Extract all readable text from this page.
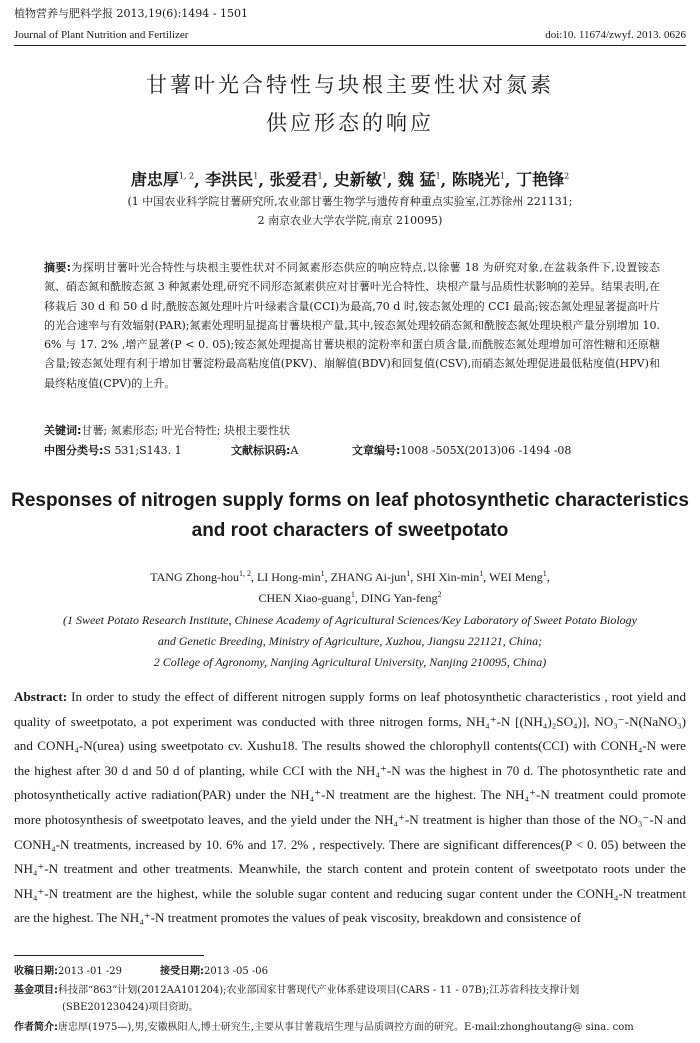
植物营养与肥料学报 2013,19(6):1494 - 1501
Journal of Plant Nutrition and Fertilizer	doi:10. 11674/zwyf. 2013. 0626
甘薯叶光合特性与块根主要性状对氮素
供应形态的响应
唐忠厚$^{1, 2}$, 李洪民$^1$, 张爱君$^1$, 史新敏$^1$, 魏 猛$^1$, 陈晓光$^1$, 丁艳锋$^2$
(1 中国农业科学院甘薯研究所,农业部甘薯生物学与遗传育种重点实验室,江苏徐州 221131;
2 南京农业大学农学院,南京 210095)
摘要:为探明甘薯叶光合特性与块根主要性状对不同氮素形态供应的响应特点,以徐薯 18 为研究对象,在盆栽条件下,设置铵态氮、硝态氮和酰胺态氮 3 种氮素处理,研究不同形态氮素供应对甘薯叶光合特性、块根产量与品质性状影响的差异。结果表明,在移栽后 30 d 和 50 d 时,酰胺态氮处理叶片叶绿素含量(CCI)为最高,70 d 时,铵态氮处理的 CCI 最高;铵态氮处理显著提高叶片的光合速率与有效辐射(PAR);氮素处理明显提高甘薯块根产量,其中,铵态氮处理较硝态氮和酰胺态氮处理块根产量分别增加 10. 6% 与 17. 2% ,增产显著(P < 0. 05);铵态氮处理提高甘薯块根的淀粉率和蛋白质含量,而酰胺态氮处理增加可溶性糖和还原糖含量;铵态氮处理有利于增加甘薯淀粉最高粘度值(PKV)、崩解值(BDV)和回复值(CSV),而硝态氮处理促进最低粘度值(HPV)和最终粘度值(CPV)的上升。
关键词:甘薯; 氮素形态; 叶光合特性; 块根主要性状
中图分类号:S 531;S143. 1	文献标识码:A	文章编号:1008 -505X(2013)06 -1494 -08
Responses of nitrogen supply forms on leaf photosynthetic characteristics
and root characters of sweetpotato
TANG Zhong-hou$^{1, 2}$, LI Hong-$\min^1$, ZHANG Ai-jun$^1$, SHI Xin-$\min^1$, WEI Meng$^1$,
CHEN Xiao-guang$^1$, DING Yan-feng$^2$
(1 Sweet Potato Research Institute, Chinese Academy of Agricultural Sciences/Key Laboratory of Sweet Potato Biology
and Genetic Breeding, Ministry of Agriculture, Xuzhou, Jiangsu 221121, China;
2 College of Agronomy, Nanjing Agricultural University, Nanjing 210095, China)
Abstract: In order to study the effect of different nitrogen supply forms on leaf photosynthetic characteristics , root yield and quality of sweetpotato, a pot experiment was conducted with three nitrogen forms, NH₄⁺-N [(NH₄)₂SO₄)], NO₃⁻-N(NaNO₃) and CONH₄-N(urea) using sweetpotato cv. Xushu18. The results showed the chlorophyll contents(CCI) with CONH₄-N were the highest after 30 d and 50 d of planting, while CCI with the NH₄⁺-N was the highest in 70 d. The photosynthetic rate and photosynthetically active radiation(PAR) under the NH₄⁺-N treatment are the highest. The NH₄⁺-N treatment could promote more photosynthesis of sweetpotato leaves, and the yield under the NH₄⁺-N treatment is higher than those of the NO₃⁻-N and CONH₄-N treatments, increased by 10. 6% and 17. 2% , respectively. There are significant differences(P < 0. 05) between the NH₄⁺-N treatment and other treatments. Meanwhile, the starch content and protein content of sweetpotato roots under the NH₄⁺-N treatment are the highest, while the soluble sugar content and reducing sugar content under the CONH₄-N treatment are the highest. The NH₄⁺-N treatment promotes the values of peak viscosity, breakdown and consistence of
收稿日期:2013 -01 -29	接受日期:2013 -05 -06
基金项目:科技部“863”计划(2012AA101204);农业部国家甘薯现代产业体系建设项目(CARS - 11 - 07B);江苏省科技支撑计划
(SBE201230424)项目资助。
作者简介:唐忠厚(1975—),男,安徽枞阳人,博士研究生,主要从事甘薯栽培生理与品质调控方面的研究。E-mail:zhonghoutang@ sina. com
